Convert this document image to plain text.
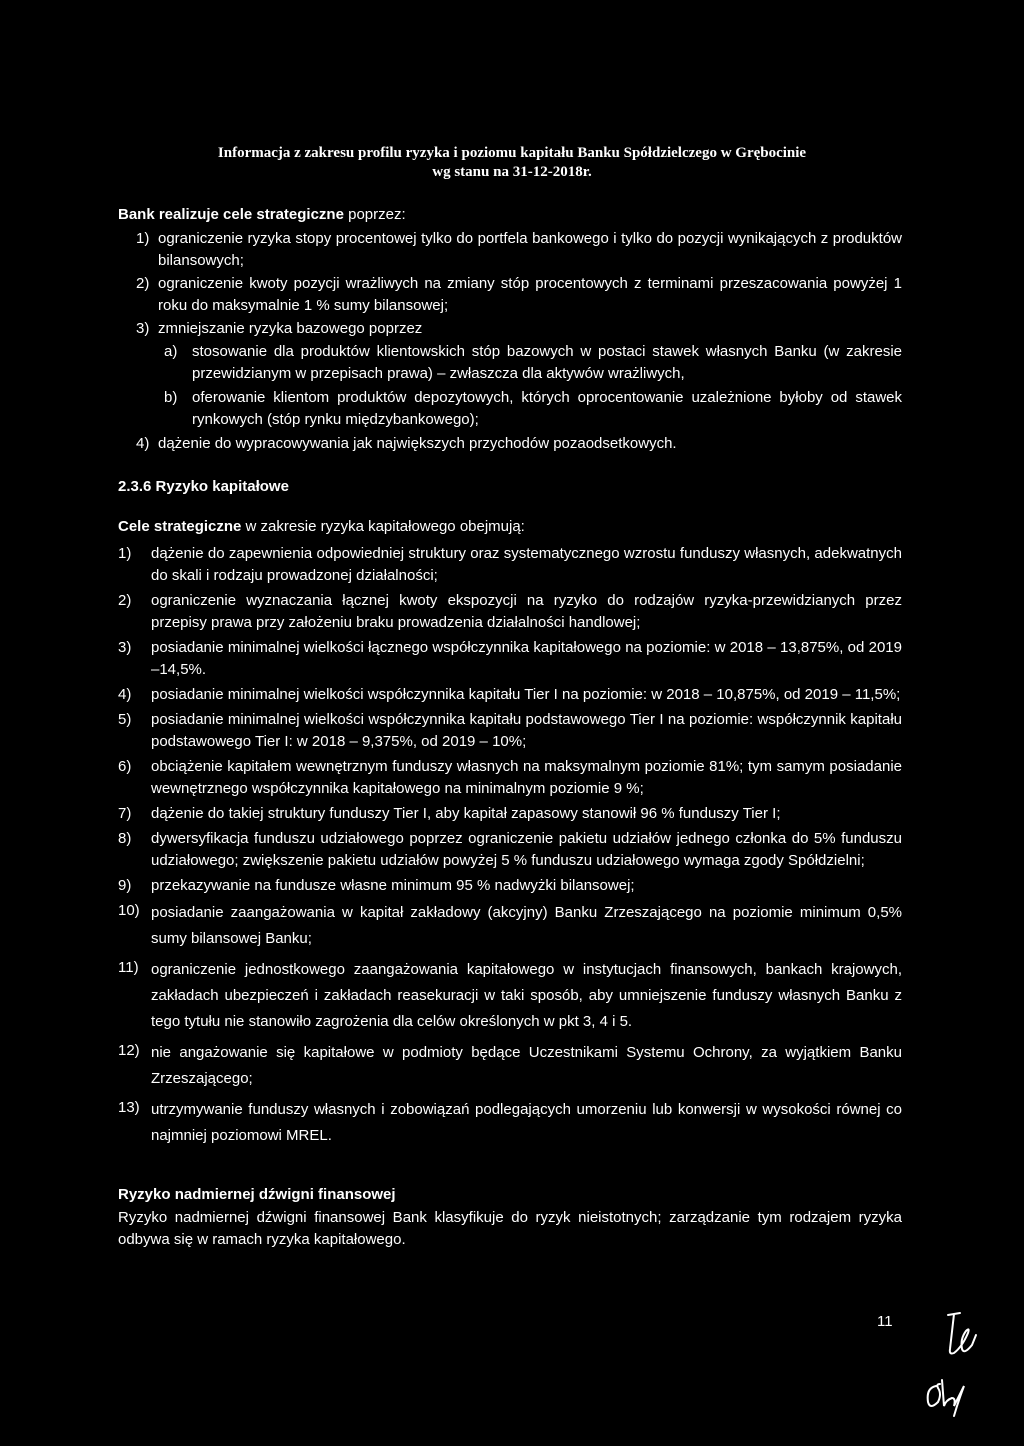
Informacja z zakresu profilu ryzyka i poziomu kapitału Banku Spółdzielczego w Grębocinie
wg stanu na 31-12-2018r.

Bank realizuje cele strategiczne poprzez:

1) ograniczenie ryzyka stopy procentowej tylko do portfela bankowego i tylko do pozycji wynikających z produktów bilansowych;
2) ograniczenie kwoty pozycji wrażliwych na zmiany stóp procentowych z terminami przeszacowania powyżej 1 roku do maksymalnie 1 % sumy bilansowej;
3) zmniejszanie ryzyka bazowego poprzez
a) stosowanie dla produktów klientowskich stóp bazowych w postaci stawek własnych Banku (w zakresie przewidzianym w przepisach prawa) – zwłaszcza dla aktywów wrażliwych,
b) oferowanie klientom produktów depozytowych, których oprocentowanie uzależnione byłoby od stawek rynkowych (stóp rynku międzybankowego);
4) dążenie do wypracowywania jak największych przychodów pozaodsetkowych.
2.3.6 Ryzyko kapitałowe

Cele strategiczne w zakresie ryzyka kapitałowego obejmują:

1)	dążenie do zapewnienia odpowiedniej struktury oraz systematycznego wzrostu funduszy własnych, adekwatnych do skali i rodzaju prowadzonej działalności;
2)	ograniczenie wyznaczania łącznej kwoty ekspozycji na ryzyko do rodzajów ryzyka-przewidzianych przez przepisy prawa przy założeniu braku prowadzenia działalności handlowej;
3)	posiadanie minimalnej wielkości łącznego współczynnika kapitałowego na poziomie: w 2018 – 13,875%, od 2019 –14,5%.
4)	posiadanie minimalnej wielkości współczynnika kapitału Tier I na poziomie: w 2018 – 10,875%, od 2019 – 11,5%;
5)	posiadanie minimalnej wielkości współczynnika kapitału podstawowego Tier I na poziomie: współczynnik kapitału podstawowego Tier I: w 2018 – 9,375%, od 2019 – 10%;
6)	obciążenie kapitałem wewnętrznym funduszy własnych na maksymalnym poziomie 81%; tym samym posiadanie wewnętrznego współczynnika kapitałowego na minimalnym poziomie 9 %;
7)	dążenie do takiej struktury funduszy Tier I, aby kapitał zapasowy stanowił 96 % funduszy Tier I;
8)	dywersyfikacja funduszu udziałowego poprzez ograniczenie pakietu udziałów jednego członka do 5% funduszu udziałowego; zwiększenie pakietu udziałów powyżej 5 % funduszu udziałowego wymaga zgody Spółdzielni;
9)	przekazywanie na fundusze własne minimum 95 % nadwyżki bilansowej;
10) posiadanie zaangażowania w kapitał zakładowy (akcyjny) Banku Zrzeszającego na poziomie minimum 0,5% sumy bilansowej Banku;
11) ograniczenie jednostkowego zaangażowania kapitałowego w instytucjach finansowych, bankach krajowych, zakładach ubezpieczeń i zakładach reasekuracji w taki sposób, aby umniejszenie funduszy własnych Banku z tego tytułu nie stanowiło zagrożenia dla celów określonych w pkt 3, 4 i 5.
12) nie angażowanie się kapitałowe w podmioty będące Uczestnikami Systemu Ochrony, za wyjątkiem Banku Zrzeszającego;
13) utrzymywanie funduszy własnych i zobowiązań podlegających umorzeniu lub konwersji w wysokości równej co najmniej poziomowi MREL.

Ryzyko nadmiernej dźwigni finansowej

Ryzyko nadmiernej dźwigni finansowej Bank klasyfikuje do ryzyk nieistotnych; zarządzanie tym rodzajem ryzyka odbywa się w ramach ryzyka kapitałowego.

11
